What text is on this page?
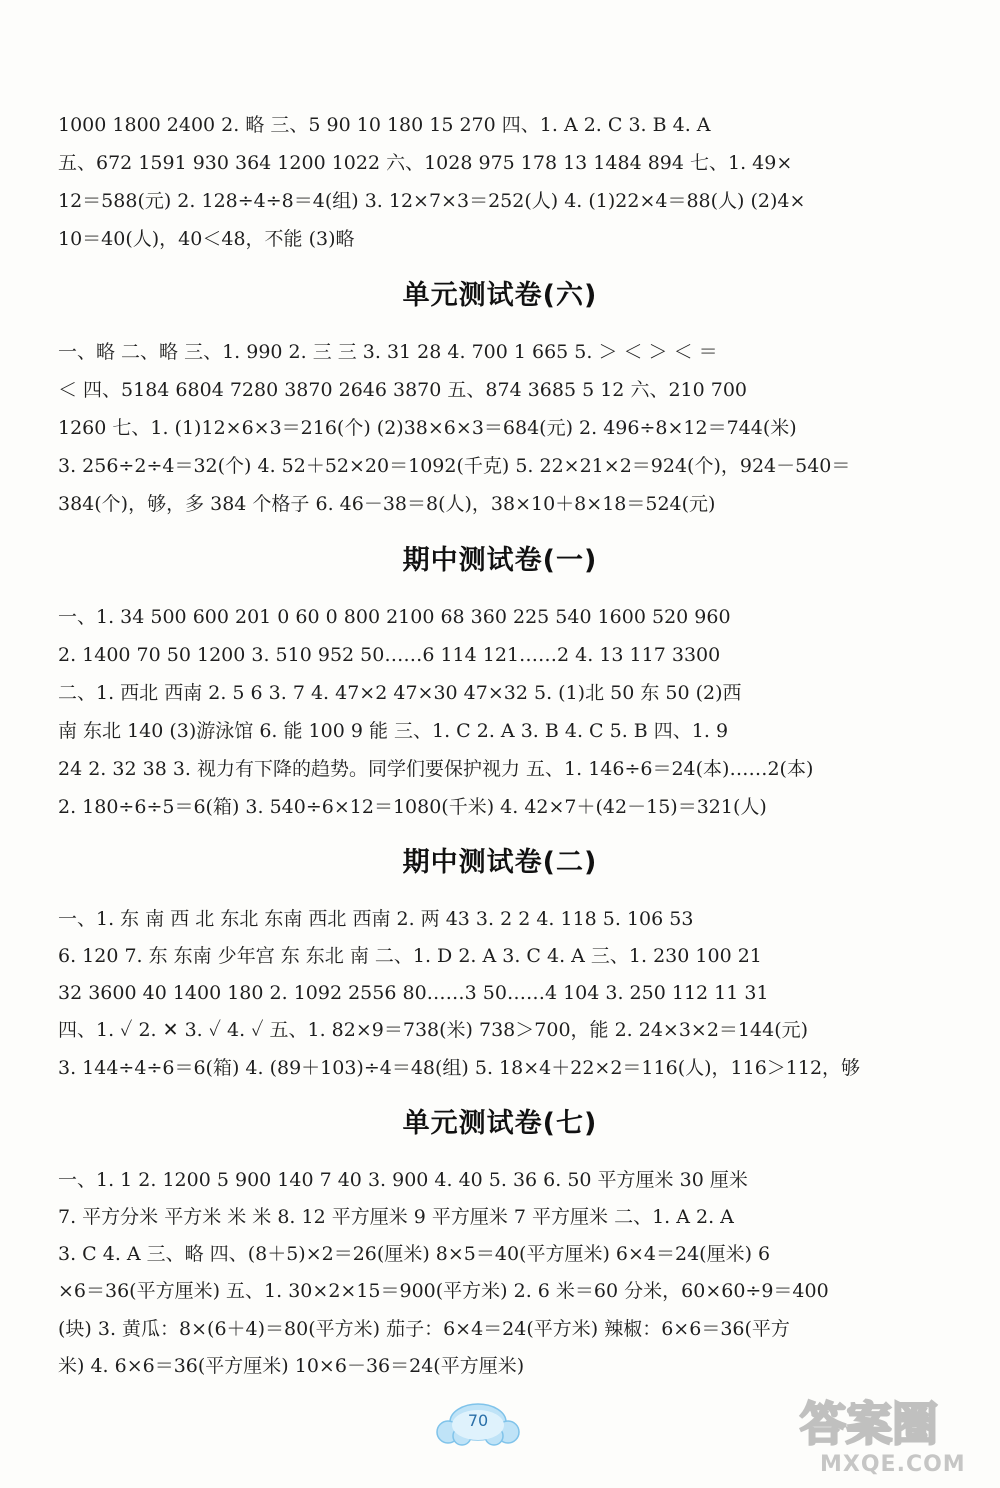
1000 1800 2400 2. 略 三、5 90 10 180 15 270 四、1. A 2. C 3. B 4. A
五、672 1591 930 364 1200 1022 六、1028 975 178 13 1484 894 七、1. 49×
12＝588(元) 2. 128÷4÷8＝4(组) 3. 12×7×3＝252(人) 4. (1)22×4＝88(人) (2)4×
10＝40(人)，40＜48，不能 (3)略
单元测试卷(六)
一、略 二、略 三、1. 990 2. 三 三 3. 31 28 4. 700 1 665 5. ＞ ＜ ＞ ＜ ＝
＜ 四、5184 6804 7280 3870 2646 3870 五、874 3685 5 12 六、210 700
1260 七、1. (1)12×6×3＝216(个) (2)38×6×3＝684(元) 2. 496÷8×12＝744(米)
3. 256÷2÷4＝32(个) 4. 52＋52×20＝1092(千克) 5. 22×21×2＝924(个)，924－540＝
384(个)，够，多 384 个格子 6. 46－38＝8(人)，38×10＋8×18＝524(元)
期中测试卷(一)
一、1. 34 500 600 201 0 60 0 800 2100 68 360 225 540 1600 520 960
2. 1400 70 50 1200 3. 510 952 50……6 114 121……2 4. 13 117 3300
二、1. 西北 西南 2. 5 6 3. 7 4. 47×2 47×30 47×32 5. (1)北 50 东 50 (2)西
南 东北 140 (3)游泳馆 6. 能 100 9 能 三、1. C 2. A 3. B 4. C 5. B 四、1. 9
24 2. 32 38 3. 视力有下降的趋势。同学们要保护视力 五、1. 146÷6＝24(本)……2(本)
2. 180÷6÷5＝6(箱) 3. 540÷6×12＝1080(千米) 4. 42×7＋(42－15)＝321(人)
期中测试卷(二)
一、1. 东 南 西 北 东北 东南 西北 西南 2. 两 43 3. 2 2 4. 118 5. 106 53
6. 120 7. 东 东南 少年宫 东 东北 南 二、1. D 2. A 3. C 4. A 三、1. 230 100 21
32 3600 40 1400 180 2. 1092 2556 80……3 50……4 104 3. 250 112 11 31
四、1. ✓ 2. ✕ 3. ✓ 4. ✓ 五、1. 82×9＝738(米) 738＞700，能 2. 24×3×2＝144(元)
3. 144÷4÷6＝6(箱) 4. (89＋103)÷4＝48(组) 5. 18×4＋22×2＝116(人)，116＞112，够
单元测试卷(七)
一、1. 1 2. 1200 5 900 140 7 40 3. 900 4. 40 5. 36 6. 50 平方厘米 30 厘米
7. 平方分米 平方米 米 米 8. 12 平方厘米 9 平方厘米 7 平方厘米 二、1. A 2. A
3. C 4. A 三、略 四、(8＋5)×2＝26(厘米) 8×5＝40(平方厘米) 6×4＝24(厘米) 6
×6＝36(平方厘米) 五、1. 30×2×15＝900(平方米) 2. 6 米＝60 分米，60×60÷9＝400
(块) 3. 黄瓜：8×(6＋4)＝80(平方米) 茄子：6×4＝24(平方米) 辣椒：6×6＝36(平方
米) 4. 6×6＝36(平方厘米) 10×6－36＝24(平方厘米)
70	答案圈
MXQE.COM
